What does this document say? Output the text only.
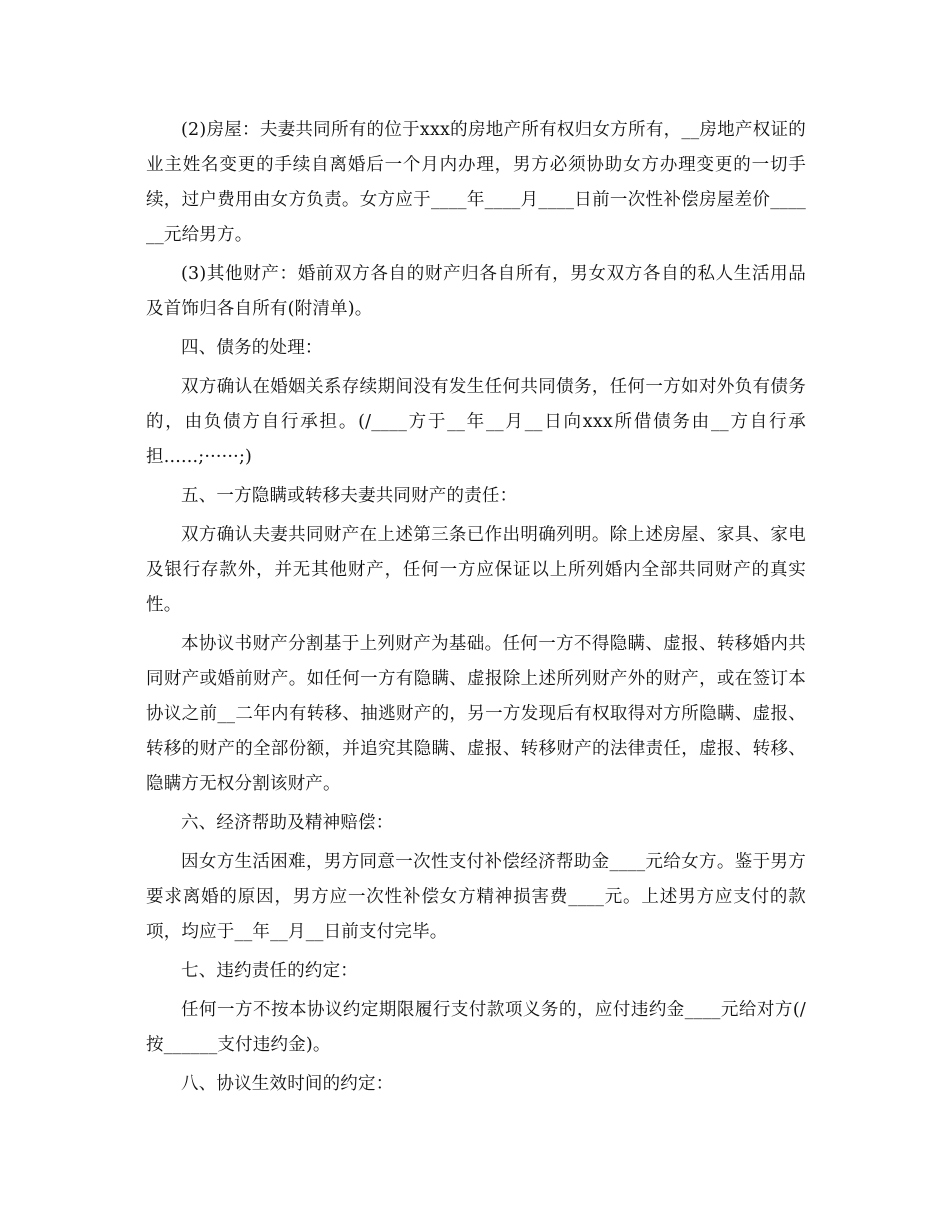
(2)房屋：夫妻共同所有的位于xxx的房地产所有权归女方所有，__房地产权证的业主姓名变更的手续自离婚后一个月内办理，男方必须协助女方办理变更的一切手续，过户费用由女方负责。女方应于____年____月____日前一次性补偿房屋差价______元给男方。

(3)其他财产：婚前双方各自的财产归各自所有，男女双方各自的私人生活用品及首饰归各自所有(附清单)。

四、债务的处理：

双方确认在婚姻关系存续期间没有发生任何共同债务，任何一方如对外负有债务的，由负债方自行承担。(/____方于__年__月__日向xxx所借债务由__方自行承担......;······;)

五、一方隐瞒或转移夫妻共同财产的责任：

双方确认夫妻共同财产在上述第三条已作出明确列明。除上述房屋、家具、家电及银行存款外，并无其他财产，任何一方应保证以上所列婚内全部共同财产的真实性。

本协议书财产分割基于上列财产为基础。任何一方不得隐瞒、虚报、转移婚内共同财产或婚前财产。如任何一方有隐瞒、虚报除上述所列财产外的财产，或在签订本协议之前__二年内有转移、抽逃财产的，另一方发现后有权取得对方所隐瞒、虚报、转移的财产的全部份额，并追究其隐瞒、虚报、转移财产的法律责任，虚报、转移、隐瞒方无权分割该财产。

六、经济帮助及精神赔偿：

因女方生活困难，男方同意一次性支付补偿经济帮助金____元给女方。鉴于男方要求离婚的原因，男方应一次性补偿女方精神损害费____元。上述男方应支付的款项，均应于__年__月__日前支付完毕。

七、违约责任的约定：

任何一方不按本协议约定期限履行支付款项义务的，应付违约金____元给对方(/按______支付违约金)。

八、协议生效时间的约定：
